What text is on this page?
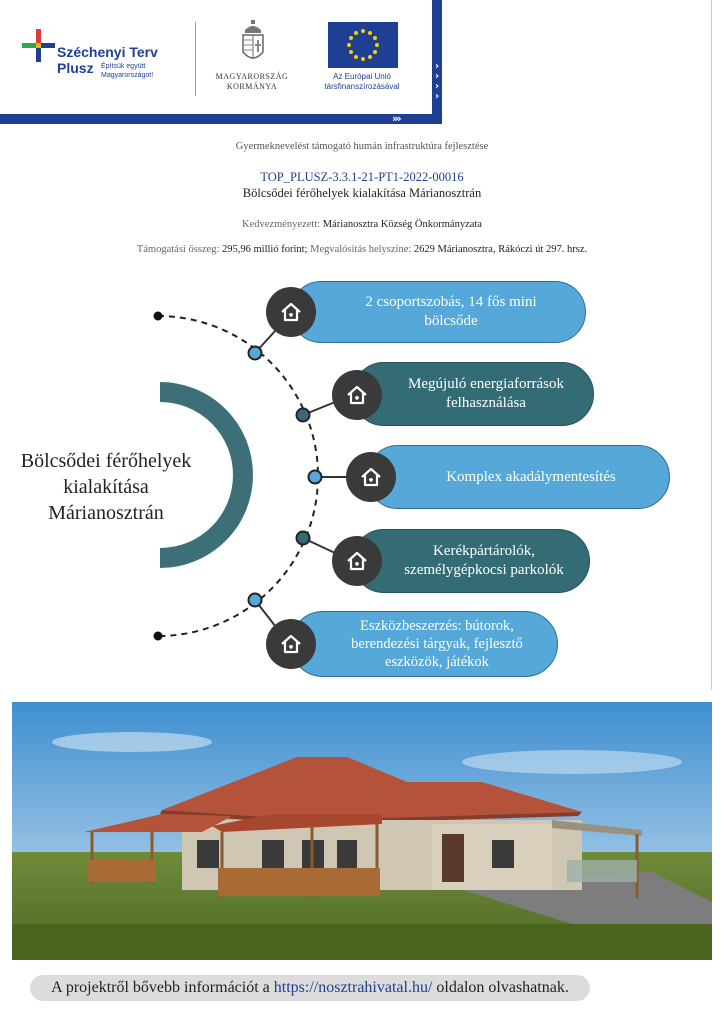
›››
›
›
›
›
Széchenyi Terv
Plusz Építsük együtt Magyarországot!	MAGYARORSZÁG KORMÁNYA
Az Európai Unió társfinanszírozásával
Gyermeknevelést támogató humán infrastruktúra fejlesztése
TOP_PLUSZ-3.3.1-21-PT1-2022-00016
Bölcsődei férőhelyek kialakítása Márianosztrán
Kedvezményezett: Márianosztra Község Önkormányzata
Támogatási összeg: 295,96 millió forint; Megvalósítás helyszíne: 2629 Márianosztra, Rákóczi út 297. hrsz.
Bölcsődei férőhelyek kialakítása Márianosztrán
2 csoportszobás, 14 fős mini bölcsőde
Megújuló energiaforrások felhasználása
Komplex akadálymentesítés
Kerékpártárolók, személygépkocsi parkolók
Eszközbeszerzés: bútorok, berendezési tárgyak, fejlesztő eszközök, játékok
A projektről bővebb információt a https://nosztrahivatal.hu/ oldalon olvashatnak.
